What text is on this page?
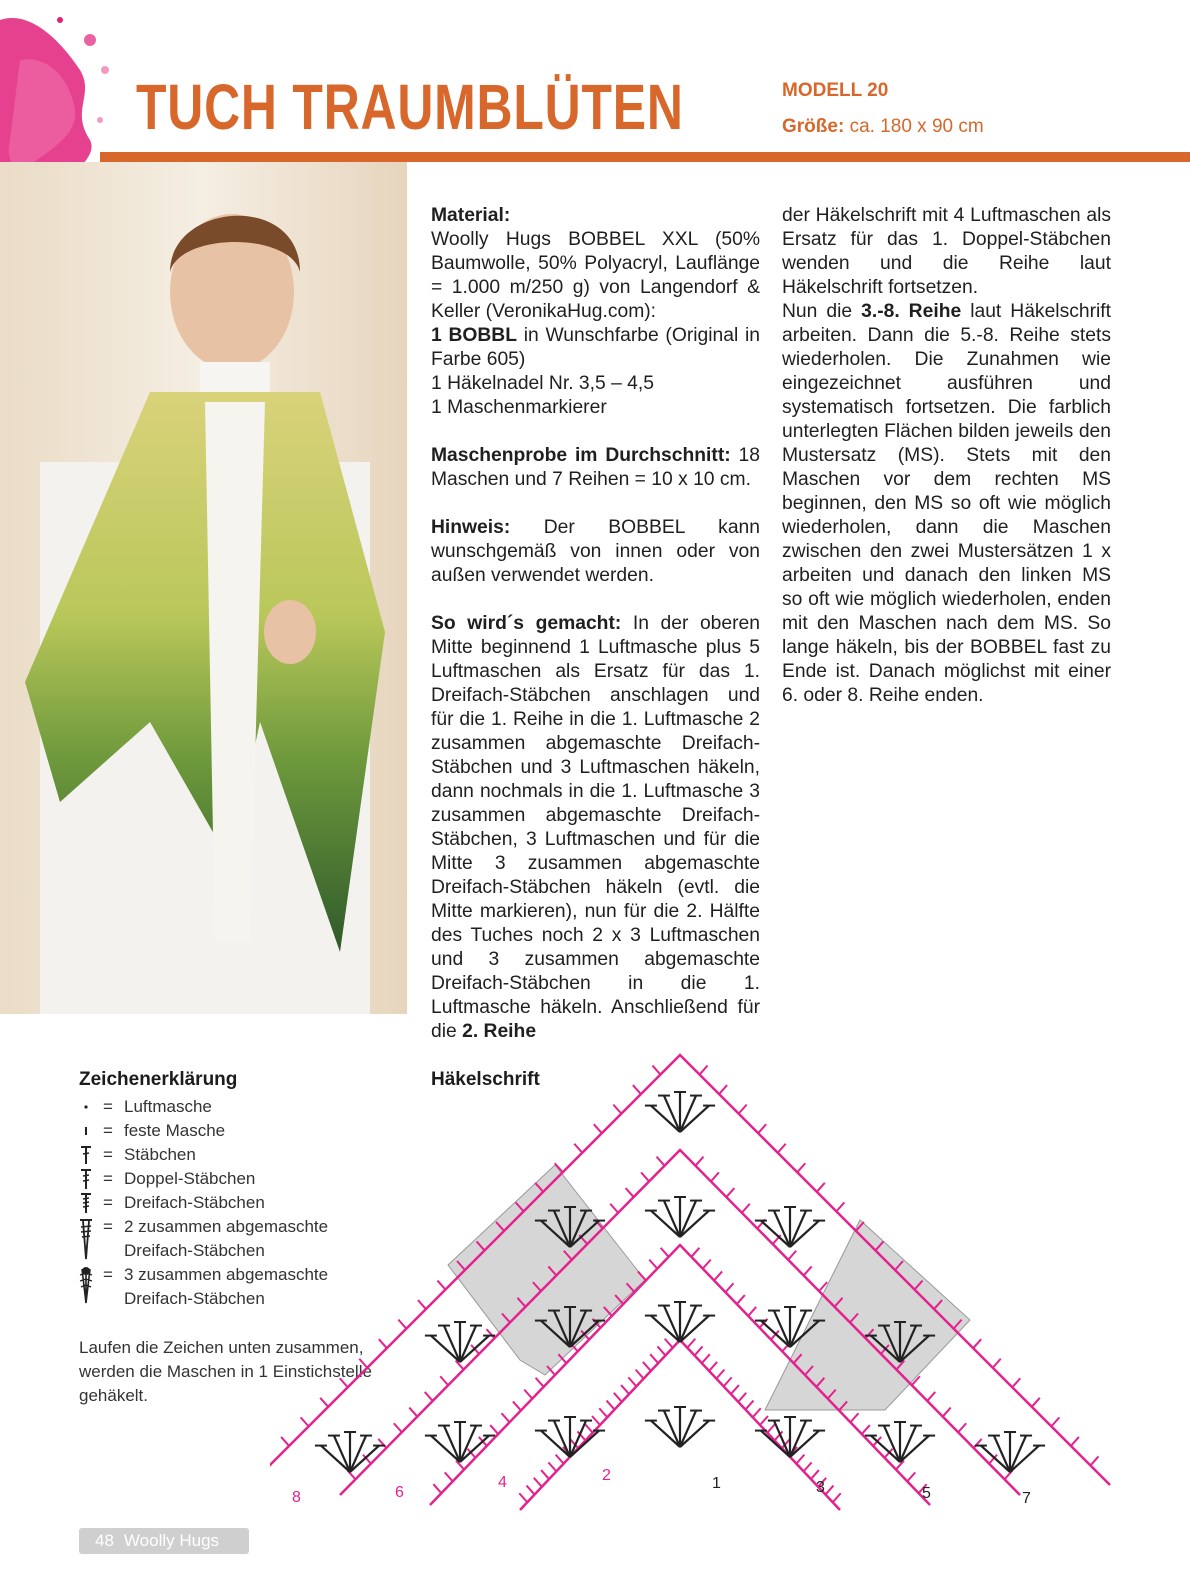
TUCH TRAUMBLÜTEN	MODELL 20
Größe: ca. 180 x 90 cm

Material:
Woolly Hugs BOBBEL XXL (50% Baumwolle, 50% Polyacryl, Lauflänge = 1.000 m/250 g) von Langendorf & Keller (VeronikaHug.com):
1 BOBBL in Wunschfarbe (Original in Farbe 605)
1 Häkelnadel Nr. 3,5 – 4,5
1 Maschenmarkierer

Maschenprobe im Durchschnitt: 18 Maschen und 7 Reihen = 10 x 10 cm.

Hinweis: Der BOBBEL kann wunschgemäß von innen oder von außen verwendet werden.

So wird´s gemacht: In der oberen Mitte beginnend 1 Luftmasche plus 5 Luftmaschen als Ersatz für das 1. Dreifach-Stäbchen anschlagen und für die 1. Reihe in die 1. Luftmasche 2 zusammen abgemaschte Dreifach-Stäbchen und 3 Luftmaschen häkeln, dann nochmals in die 1. Luftmasche 3 zusammen abgemaschte Dreifach-Stäbchen, 3 Luftmaschen und für die Mitte 3 zusammen abgemaschte Dreifach-Stäbchen häkeln (evtl. die Mitte markieren), nun für die 2. Hälfte des Tuches noch 2 x 3 Luftmaschen und 3 zusammen abgemaschte Dreifach-Stäbchen in die 1. Luftmasche häkeln. Anschließend für die 2. Reihe

der Häkelschrift mit 4 Luftmaschen als Ersatz für das 1. Doppel-Stäbchen wenden und die Reihe laut Häkelschrift fortsetzen.

Nun die 3.-8. Reihe laut Häkelschrift arbeiten. Dann die 5.-8. Reihe stets wiederholen. Die Zunahmen wie eingezeichnet ausführen und systematisch fortsetzen. Die farblich unterlegten Flächen bilden jeweils den Mustersatz (MS). Stets mit den Maschen vor dem rechten MS beginnen, den MS so oft wie möglich wiederholen, dann die Maschen zwischen den zwei Mustersätzen 1 x arbeiten und danach den linken MS so oft wie möglich wiederholen, enden mit den Maschen nach dem MS. So lange häkeln, bis der BOBBEL fast zu Ende ist. Danach möglichst mit einer 6. oder 8. Reihe enden.

Zeichenerklärung
= Luftmasche
= feste Masche
= Stäbchen
= Doppel-Stäbchen
= Dreifach-Stäbchen
= 2 zusammen abgemaschte
Dreifach-Stäbchen
= 3 zusammen abgemaschte
Dreifach-Stäbchen
Laufen die Zeichen unten zusammen, werden die Maschen in 1 Einstichstelle gehäkelt.
Häkelschrift
8	6
4	2	1	3	5	7
48 Woolly Hugs
